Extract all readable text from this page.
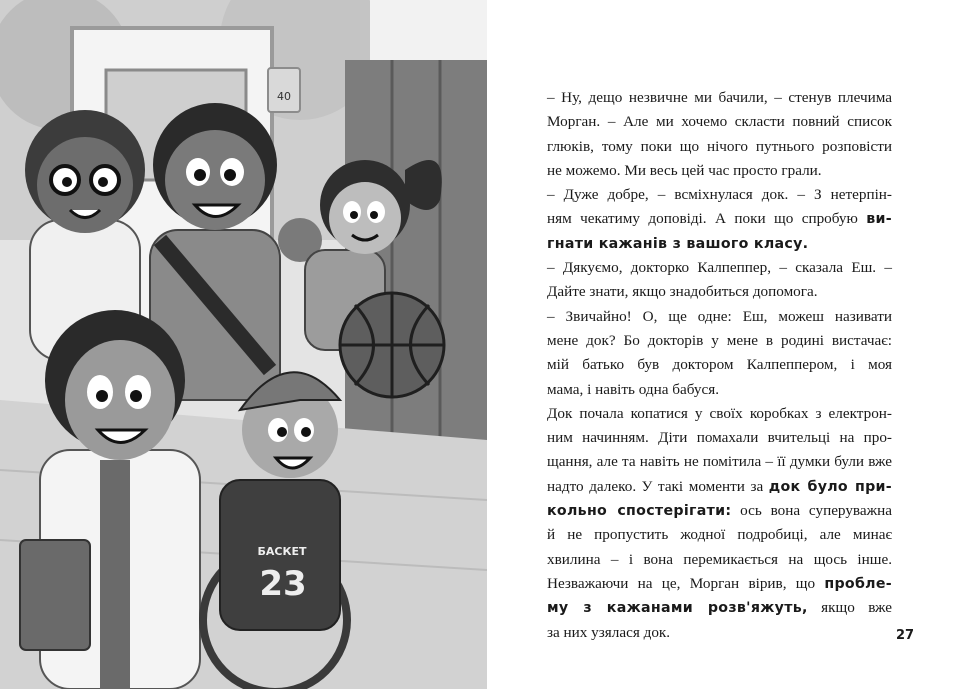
40
БАСКЕТ
23
– Ну, дещо незвичне ми бачили, – стенув плечима
Морган. – Але ми хочемо скласти повний список
глюків, тому поки що нічого путнього розповісти
не можемо. Ми весь цей час просто грали.
– Дуже добре, – всміхнулася док. – З нетерпін-
ням чекатиму доповіді. А поки що спробую ви-
гнати кажанів з вашого класу.
– Дякуємо, докторко Калпеппер, – сказала Еш. –
Дайте знати, якщо знадобиться допомога.
– Звичайно! О, ще одне: Еш, можеш називати
мене док? Бо докторів у мене в родині вистачає:
мій батько був доктором Калпеппером, і моя
мама, і навіть одна бабуся.
Док почала копатися у своїх коробках з електрон-
ним начинням. Діти помахали вчительці на про-
щання, але та навіть не помітила – її думки були вже
надто далеко. У такі моменти за док було при-
кольно спостерігати: ось вона суперуважна
й не пропустить жодної подробиці, але минає
хвилина – і вона перемикається на щось інше.
Незважаючи на це, Морган вірив, що пробле-
му з кажанами розв'яжуть, якщо вже
за них узялася док.	27
